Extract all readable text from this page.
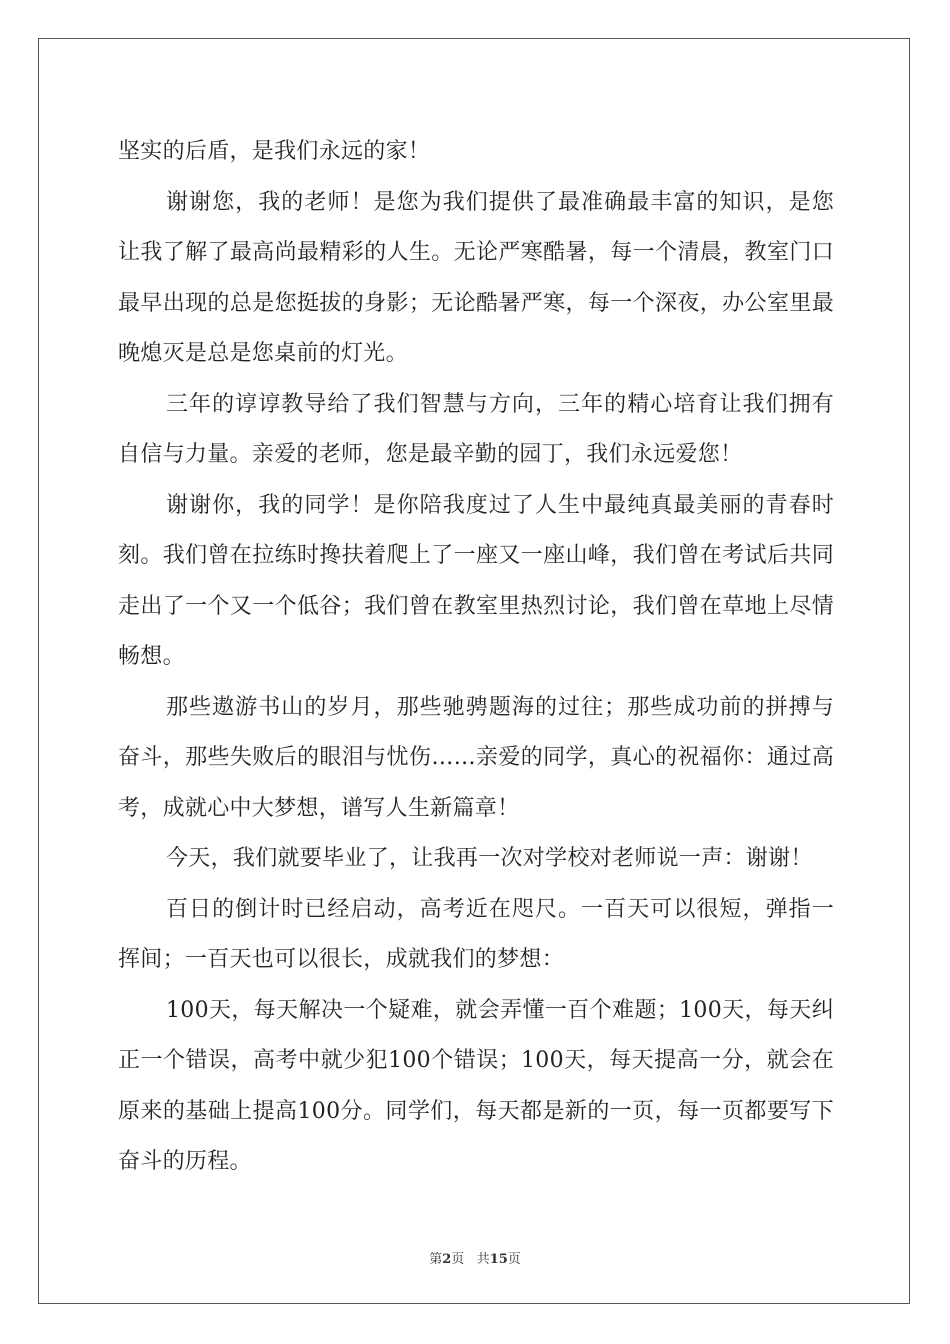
坚实的后盾，是我们永远的家！

谢谢您，我的老师！是您为我们提供了最准确最丰富的知识，是您让我了解了最高尚最精彩的人生。无论严寒酷暑，每一个清晨，教室门口最早出现的总是您挺拔的身影；无论酷暑严寒，每一个深夜，办公室里最晚熄灭是总是您桌前的灯光。

三年的谆谆教导给了我们智慧与方向，三年的精心培育让我们拥有自信与力量。亲爱的老师，您是最辛勤的园丁，我们永远爱您！

谢谢你，我的同学！是你陪我度过了人生中最纯真最美丽的青春时刻。我们曾在拉练时搀扶着爬上了一座又一座山峰，我们曾在考试后共同走出了一个又一个低谷；我们曾在教室里热烈讨论，我们曾在草地上尽情畅想。

那些遨游书山的岁月，那些驰骋题海的过往；那些成功前的拼搏与奋斗，那些失败后的眼泪与忧伤……亲爱的同学，真心的祝福你：通过高考，成就心中大梦想，谱写人生新篇章！

今天，我们就要毕业了，让我再一次对学校对老师说一声：谢谢！

百日的倒计时已经启动，高考近在咫尺。一百天可以很短，弹指一挥间；一百天也可以很长，成就我们的梦想：

100天，每天解决一个疑难，就会弄懂一百个难题；100天，每天纠正一个错误，高考中就少犯100个错误；100天，每天提高一分，就会在原来的基础上提高100分。同学们，每天都是新的一页，每一页都要写下奋斗的历程。

第2页 共15页
